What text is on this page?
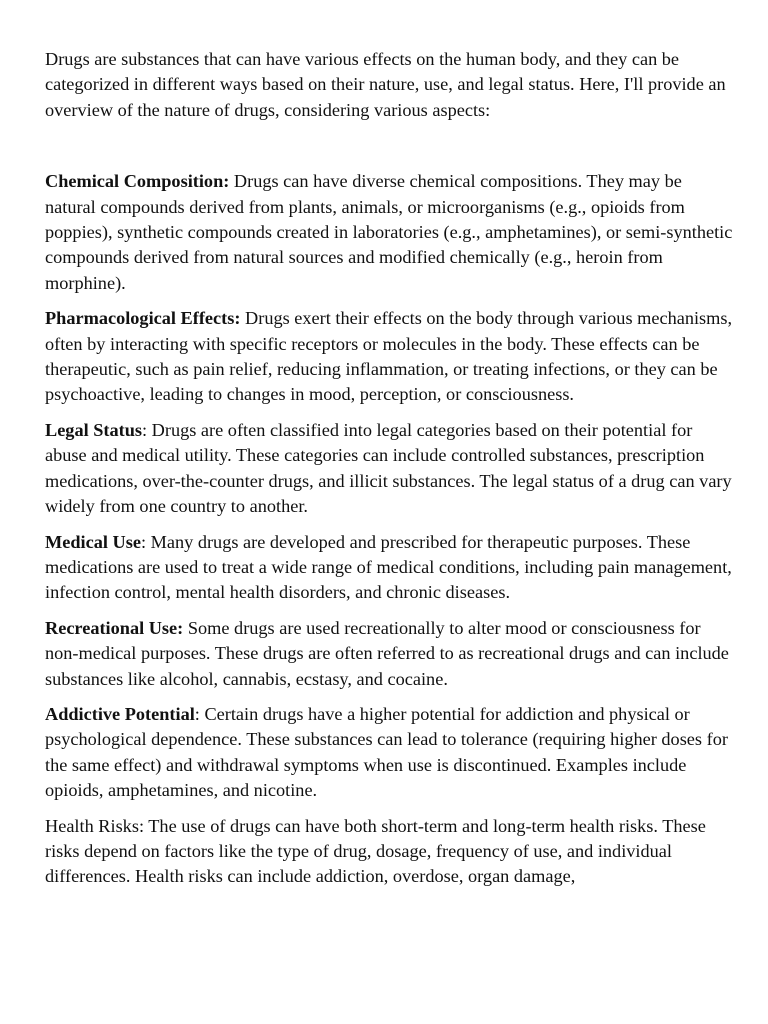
Drugs are substances that can have various effects on the human body, and they can be categorized in different ways based on their nature, use, and legal status. Here, I'll provide an overview of the nature of drugs, considering various aspects:

Chemical Composition: Drugs can have diverse chemical compositions. They may be natural compounds derived from plants, animals, or microorganisms (e.g., opioids from poppies), synthetic compounds created in laboratories (e.g., amphetamines), or semi-synthetic compounds derived from natural sources and modified chemically (e.g., heroin from morphine).

Pharmacological Effects: Drugs exert their effects on the body through various mechanisms, often by interacting with specific receptors or molecules in the body. These effects can be therapeutic, such as pain relief, reducing inflammation, or treating infections, or they can be psychoactive, leading to changes in mood, perception, or consciousness.

Legal Status: Drugs are often classified into legal categories based on their potential for abuse and medical utility. These categories can include controlled substances, prescription medications, over-the-counter drugs, and illicit substances. The legal status of a drug can vary widely from one country to another.

Medical Use: Many drugs are developed and prescribed for therapeutic purposes. These medications are used to treat a wide range of medical conditions, including pain management, infection control, mental health disorders, and chronic diseases.

Recreational Use: Some drugs are used recreationally to alter mood or consciousness for non-medical purposes. These drugs are often referred to as recreational drugs and can include substances like alcohol, cannabis, ecstasy, and cocaine.

Addictive Potential: Certain drugs have a higher potential for addiction and physical or psychological dependence. These substances can lead to tolerance (requiring higher doses for the same effect) and withdrawal symptoms when use is discontinued. Examples include opioids, amphetamines, and nicotine.

Health Risks: The use of drugs can have both short-term and long-term health risks. These risks depend on factors like the type of drug, dosage, frequency of use, and individual differences. Health risks can include addiction, overdose, organ damage,
